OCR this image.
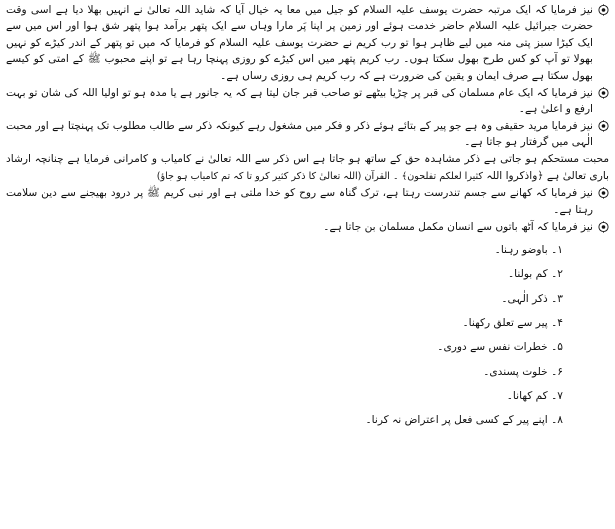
نیز فرمایا کہ ایک مرتبہ حضرت یوسف علیہ السلام کو جیل میں معا یہ خیال آیا کہ شاید اللہ تعالیٰ نے انہیں بھلا دیا ہے اسی وقت حضرت جبرائیل علیہ السلام حاضر خدمت ہوئے اور زمین پر اپنا پَر مارا وہاں سے ایک پتھر برآمد ہوا پتھر شق ہوا اور اس میں سے ایک کیڑا سبز پتی منہ میں لیے ظاہر ہوا تو رب کریم نے حضرت یوسف علیہ السلام کو فرمایا کہ میں تو پتھر کے اندر کیڑے کو نہیں بھولا تو آپ کو کس طرح بھول سکتا ہوں۔ رب کریم پتھر میں اس کیڑے کو روزی پہنچا رہا ہے تو اپنے محبوب ﷺ کے امتی کو کیسے بھول سکتا ہے صرف ایمان و یقین کی ضرورت ہے کہ رب کریم ہی روزی رساں ہے۔
نیز فرمایا کہ ایک عام مسلمان کی قبر پر چڑیا بیٹھے تو صاحب قبر جان لیتا ہے کہ یہ جانور ہے یا مدہ ہو تو اولیا اللہ کی شان تو بہت ارفع و اعلیٰ ہے۔
نیز فرمایا مرید حقیقی وہ ہے جو پیر کے بتائے ہوئے ذکر و فکر میں مشغول رہے کیونکہ ذکر سے طالب مطلوب تک پہنچتا ہے اور محبت الٰہی میں گرفتار ہو جاتا ہے۔
محبت مستحکم ہو جاتی ہے ذکر مشاہدہ حق کے ساتھ ہو جاتا ہے اس ذکر سے اللہ تعالیٰ نے کامیاب و کامرانی فرمایا ہے چنانچہ ارشاد باری تعالیٰ ہے ﴿واذکروا اللہ کثیرا لعلکم تفلحون﴾ ۔ القرآن (اللہ تعالیٰ کا ذکر کثیر کرو تا کہ تم کامیاب ہو جاؤ)
نیز فرمایا کہ کھانے سے جسم تندرست رہتا ہے، ترک گناہ سے روح کو خدا ملتی ہے اور نبی کریم ﷺ پر درود بھیجنے سے دین سلامت رہتا ہے۔
نیز فرمایا کہ آٹھ باتوں سے انسان مکمل مسلمان بن جاتا ہے۔
۱۔ باوضو رہنا۔
۲۔ کم بولنا۔
۳۔ ذکر الٰہی۔
۴۔ پیر سے تعلق رکھنا۔
۵۔ خطرات نفس سے دوری۔
۶۔ خلوت پسندی۔
۷۔ کم کھانا۔
۸۔ اپنے پیر کے کسی فعل پر اعتراض نہ کرنا۔
